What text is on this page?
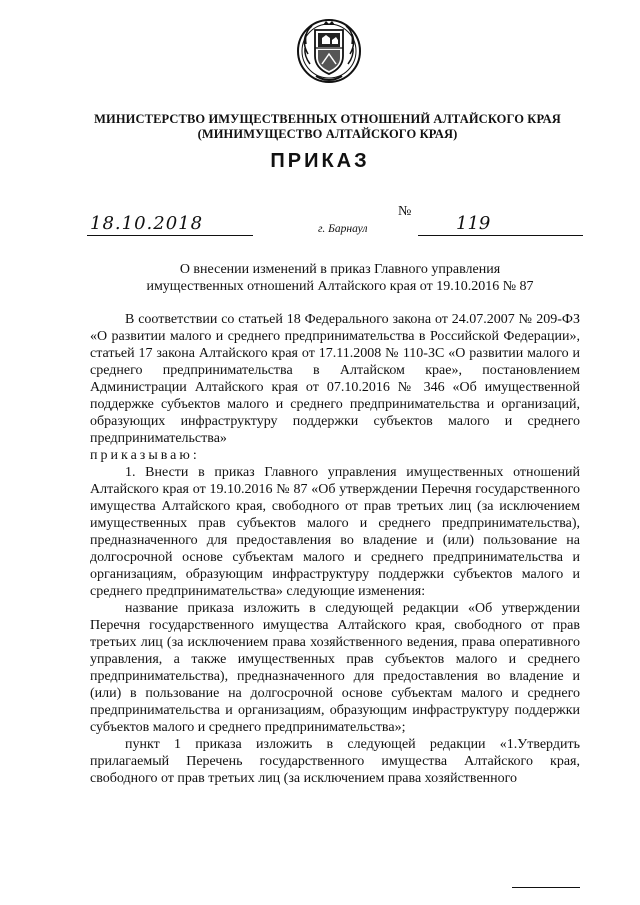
МИНИСТЕРСТВО ИМУЩЕСТВЕННЫХ ОТНОШЕНИЙ АЛТАЙСКОГО КРАЯ
(МИНИМУЩЕСТВО АЛТАЙСКОГО КРАЯ)
ПРИКАЗ
18.10.2018
№
119
г. Барнаул
О внесении изменений в приказ Главного управления имущественных отношений Алтайского края от 19.10.2016 № 87

В соответствии со статьей 18 Федерального закона от 24.07.2007 № 209-ФЗ «О развитии малого и среднего предпринимательства в Российской Федерации», статьей 17 закона Алтайского края от 17.11.2008 № 110-ЗС «О развитии малого и среднего предпринимательства в Алтайском крае», постановлением Администрации Алтайского края от 07.10.2016 № 346 «Об имущественной поддержке субъектов малого и среднего предпринимательства и организаций, образующих инфраструктуру поддержки субъектов малого и среднего предпринимательства»

приказываю:

1. Внести в приказ Главного управления имущественных отношений Алтайского края от 19.10.2016 № 87 «Об утверждении Перечня государственного имущества Алтайского края, свободного от прав третьих лиц (за исключением имущественных прав субъектов малого и среднего предпринимательства), предназначенного для предоставления во владение и (или) пользование на долгосрочной основе субъектам малого и среднего предпринимательства и организациям, образующим инфраструктуру поддержки субъектов малого и среднего предпринимательства» следующие изменения:

название приказа изложить в следующей редакции «Об утверждении Перечня государственного имущества Алтайского края, свободного от прав третьих лиц (за исключением права хозяйственного ведения, права оперативного управления, а также имущественных прав субъектов малого и среднего предпринимательства), предназначенного для предоставления во владение и (или) в пользование на долгосрочной основе субъектам малого и среднего предпринимательства и организациям, образующим инфраструктуру поддержки субъектов малого и среднего предпринимательства»;

пункт 1 приказа изложить в следующей редакции «1.Утвердить прилагаемый Перечень государственного имущества Алтайского края, свободного от прав третьих лиц (за исключением права хозяйственного
